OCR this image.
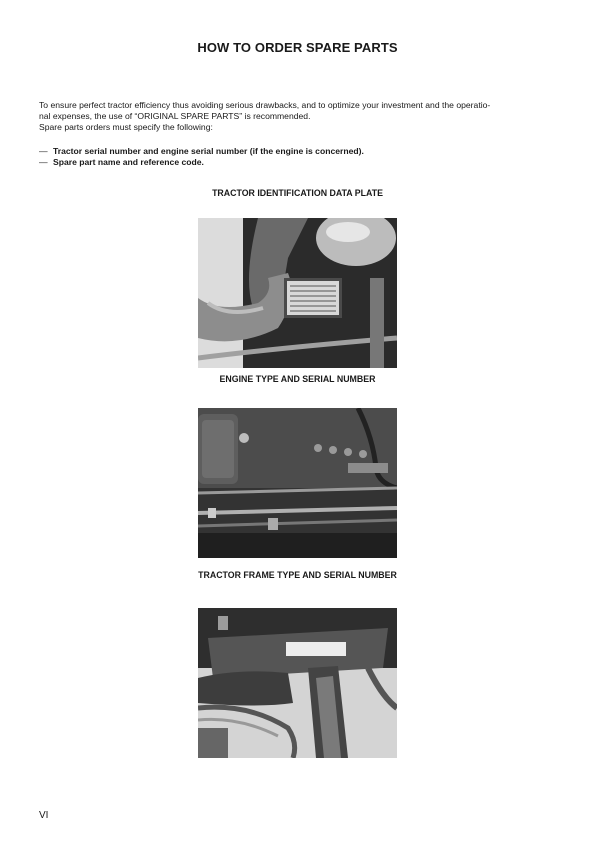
HOW TO ORDER SPARE PARTS

To ensure perfect tractor efficiency thus avoiding serious drawbacks, and to optimize your investment and the operatio-

nal expenses, the use of “ORIGINAL SPARE PARTS” is recommended.

Spare parts orders must specify the following:

— Tractor serial number and engine serial number (if the engine is concerned).
— Spare part name and reference code.
TRACTOR IDENTIFICATION DATA PLATE
ENGINE TYPE AND SERIAL NUMBER
TRACTOR FRAME TYPE AND SERIAL NUMBER
VI
